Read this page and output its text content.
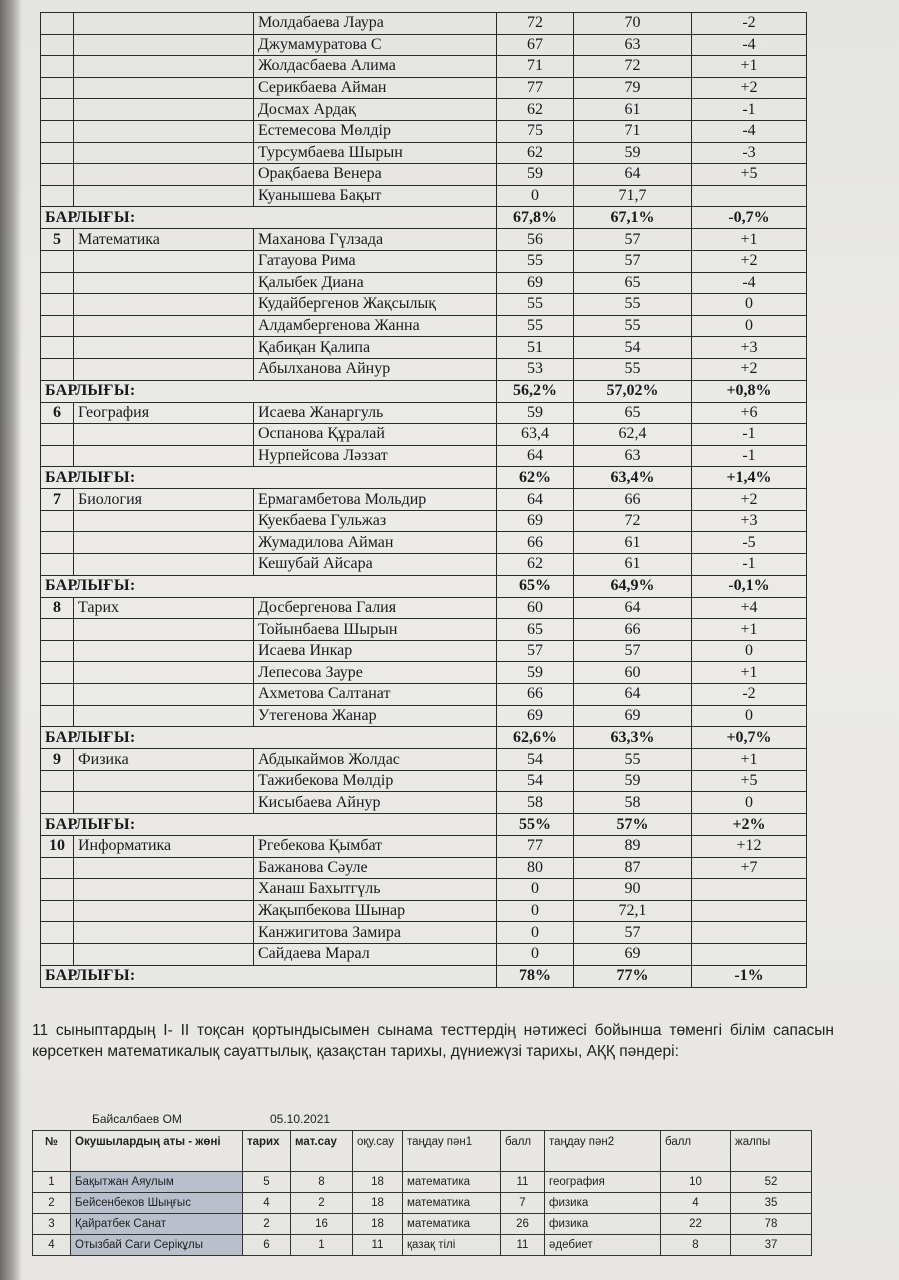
		Молдабаева Лаура	72	70	-2
		Джумамуратова С	67	63	-4
		Жолдасбаева Алима	71	72	+1
		Серикбаева Айман	77	79	+2
		Досмах Ардақ	62	61	-1
		Естемесова Мөлдір	75	71	-4
		Турсумбаева Шырын	62	59	-3
		Орақбаева Венера	59	64	+5
		Куанышева Бақыт	0	71,7	
БАРЛЫҒЫ:			67,8%	67,1%	-0,7%
5	Математика	Маханова Гүлзада	56	57	+1
		Гатауова Рима	55	57	+2
		Қалыбек Диана	69	65	-4
		Кудайбергенов Жақсылық	55	55	0
		Алдамбергенова Жанна	55	55	0
		Қабиқан Қалипа	51	54	+3
		Абылханова Айнур	53	55	+2
БАРЛЫҒЫ:			56,2%	57,02%	+0,8%
6	География	Исаева Жанаргуль	59	65	+6
		Оспанова Құралай	63,4	62,4	-1
		Нурпейсова Ләззат	64	63	-1
БАРЛЫҒЫ:			62%	63,4%	+1,4%
7	Биология	Ермагамбетова Мольдир	64	66	+2
		Куекбаева Гульжаз	69	72	+3
		Жумадилова Айман	66	61	-5
		Кешубай Айсара	62	61	-1
БАРЛЫҒЫ:			65%	64,9%	-0,1%
8	Тарих	Досбергенова Галия	60	64	+4
		Тойынбаева Шырын	65	66	+1
		Исаева Инкар	57	57	0
		Лепесова Зауре	59	60	+1
		Ахметова Салтанат	66	64	-2
		Утегенова Жанар	69	69	0
БАРЛЫҒЫ:			62,6%	63,3%	+0,7%
9	Физика	Абдыкаймов Жолдас	54	55	+1
		Тажибекова Мөлдір	54	59	+5
		Кисыбаева Айнур	58	58	0
БАРЛЫҒЫ:			55%	57%	+2%
10	Информатика	Ргебекова Қымбат	77	89	+12
		Бажанова Сәуле	80	87	+7
		Ханаш Бахытгүль	0	90	
		Жақыпбекова Шынар	0	72,1	
		Канжигитова Замира	0	57	
		Сайдаева Марал	0	69	
БАРЛЫҒЫ:			78%	77%	-1%
11 сыныптардың І- ІІ тоқсан қортынды​сымен сынама тесттердің нәтижесі бойынша төменгі білім сапасын көрсеткен математикалық сауаттылық, қазақстан тарихы, дүниежүзі тарихы, АҚҚ пәндері:
Байсалбаев ОМ	05.10.2021
№	Окушылардың аты - жөні	тарих	мат.сау	оқу.сау	таңдау пән1	балл	таңдау пән2	балл	жалпы
1	Бақытжан Аяулым	5	8	18	математика	11	география	10	52
2	Бейсенбеков Шыңғыс	4	2	18	математика	7	физика	4	35
3	Қайратбек Санат	2	16	18	математика	26	физика	22	78
4	Отызбай Саги Серікұлы	6	1	11	қазақ тілі	11	әдебиет	8	37
